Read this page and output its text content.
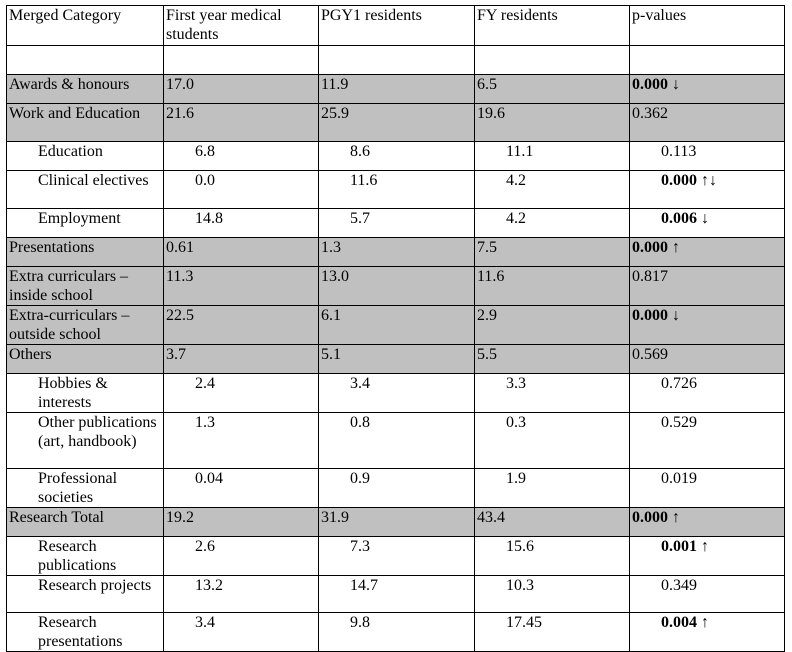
Merged Category	First year medical students	PGY1 residents	FY residents	p-values

Awards & honours	17.0	11.9	6.5	0.000 ↓
Work and Education	21.6	25.9	19.6	0.362
Education	6.8	8.6	11.1	0.113
Clinical electives	0.0	11.6	4.2	0.000 ↑↓
Employment	14.8	5.7	4.2	0.006 ↓
Presentations	0.61	1.3	7.5	0.000 ↑
Extra curriculars – inside school	11.3	13.0	11.6	0.817
Extra-curriculars – outside school	22.5	6.1	2.9	0.000 ↓
Others	3.7	5.1	5.5	0.569
Hobbies & interests	2.4	3.4	3.3	0.726
Other publications (art, handbook)	1.3	0.8	0.3	0.529
Professional societies	0.04	0.9	1.9	0.019
Research Total	19.2	31.9	43.4	0.000 ↑
Research publications	2.6	7.3	15.6	0.001 ↑
Research projects	13.2	14.7	10.3	0.349
Research presentations	3.4	9.8	17.45	0.004 ↑
